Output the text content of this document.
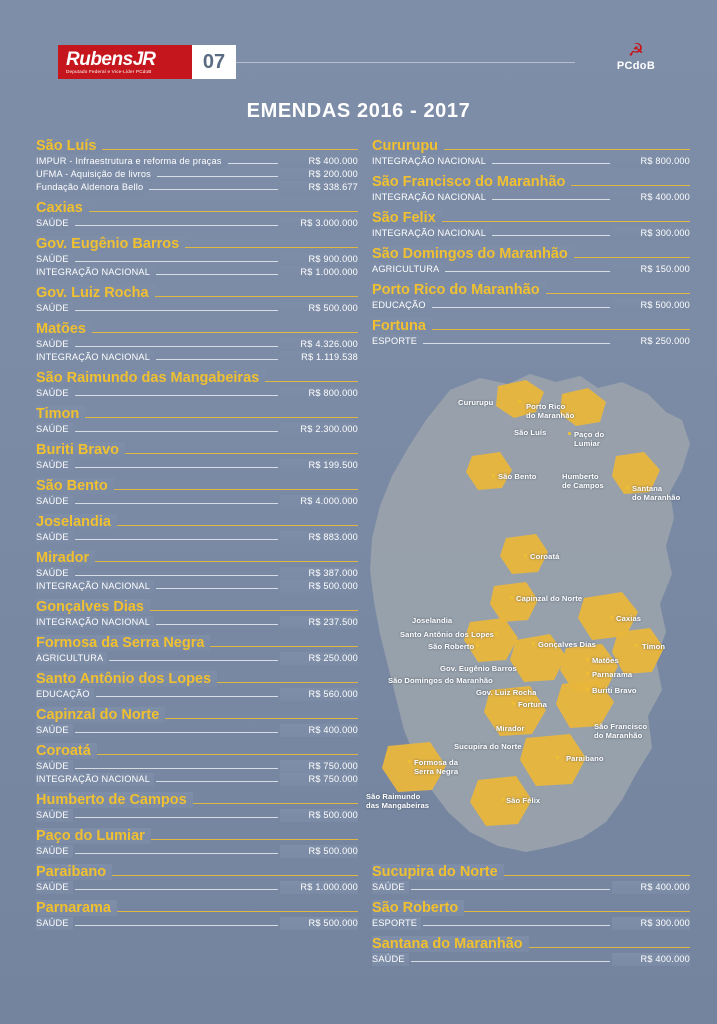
RubensJR
Deputado Federal e Vice-Líder PCdoB	07
☭
PCdoB
EMENDAS 2016 - 2017
Cururupu	Porto Rico
do Maranhão
São Luís	Paço do
Lumiar
São Bento	Humberto
de Campos	Santana
do Maranhão
Coroatá
Capinzal do Norte
Joselandia	Caxias
Santo Antônio dos Lopes
São Roberto	Gonçalves Dias	Timon
Matões
Gov. Eugênio Barros
Parnarama
São Domingos do Maranhão
Gov. Luiz Rocha	Buriti Bravo
Fortuna
Mirador	São Francisco
do Maranhão
Sucupira do Norte
Paraibano
Formosa da
Serra Negra
São Raimundo
das Mangabeiras
São Félix
São Luís
IMPUR - Infraestrutura e reforma de praças	R$ 400.000
UFMA - Aquisição de livros	R$ 200.000
Fundação Aldenora Bello	R$ 338.677
Caxias
SAÚDE	R$ 3.000.000
Gov. Eugênio Barros
SAÚDE	R$ 900.000
INTEGRAÇÃO NACIONAL	R$ 1.000.000
Gov. Luiz Rocha
SAÚDE	R$ 500.000
Matões
SAÚDE	R$ 4.326.000
INTEGRAÇÃO NACIONAL	R$ 1.119.538
São Raimundo das Mangabeiras
SAÚDE	R$ 800.000
Timon
SAÚDE	R$ 2.300.000
Buriti Bravo
SAÚDE	R$ 199.500
São Bento
SAÚDE	R$ 4.000.000
Joselandia
SAÚDE	R$ 883.000
Mirador
SAÚDE	R$ 387.000
INTEGRAÇÃO NACIONAL	R$ 500.000
Gonçalves Dias
INTEGRAÇÃO NACIONAL	R$ 237.500
Formosa da Serra Negra
AGRICULTURA	R$ 250.000
Santo Antônio dos Lopes
EDUCAÇÃO	R$ 560.000
Capinzal do Norte
SAÚDE	R$ 400.000
Coroatá
SAÚDE	R$ 750.000
INTEGRAÇÃO NACIONAL	R$ 750.000
Humberto de Campos
SAÚDE	R$ 500.000
Paço do Lumiar
SAÚDE	R$ 500.000
Paraibano
SAÚDE	R$ 1.000.000
Parnarama
SAÚDE	R$ 500.000
Cururupu
INTEGRAÇÃO NACIONAL	R$ 800.000
São Francisco do Maranhão
INTEGRAÇÃO NACIONAL	R$ 400.000
São Felix
INTEGRAÇÃO NACIONAL	R$ 300.000
São Domingos do Maranhão
AGRICULTURA	R$ 150.000
Porto Rico do Maranhão
EDUCAÇÃO	R$ 500.000
Fortuna
ESPORTE	R$ 250.000
Sucupira do Norte
SAÚDE	R$ 400.000
São Roberto
ESPORTE	R$ 300.000
Santana do Maranhão
SAÚDE	R$ 400.000
